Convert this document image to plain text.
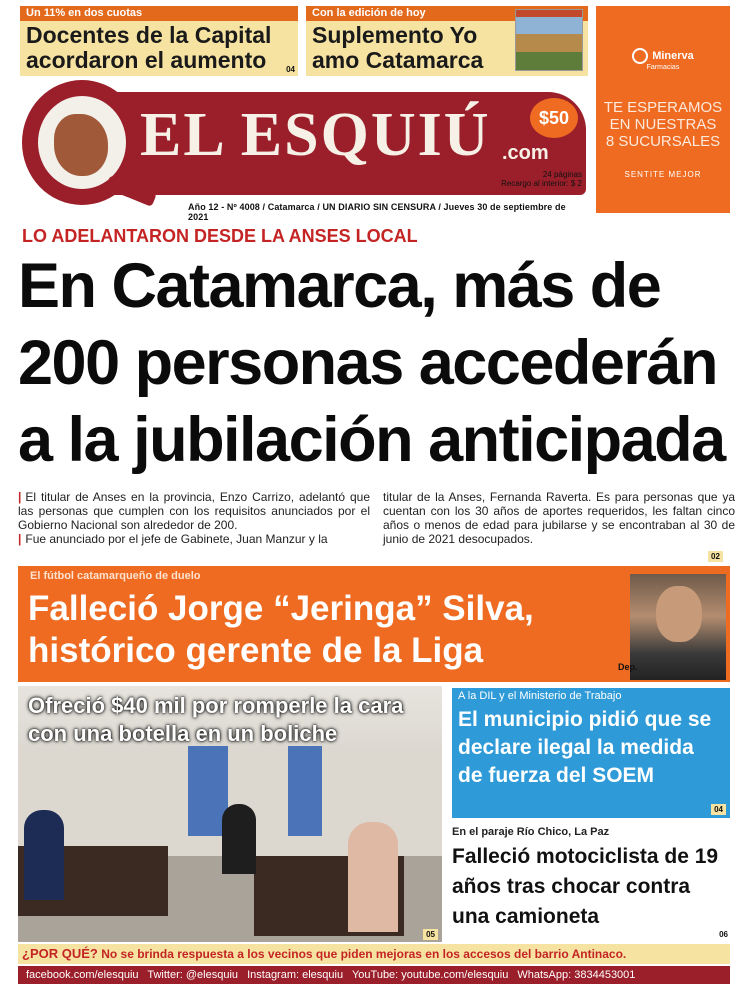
Un 11% en dos cuotas
Docentes de la Capital acordaron el aumento	04
Con la edición de hoy
Suplemento Yo amo Catamarca	Minerva
Farmacias
TE ESPERAMOS
EN NUESTRAS
8 SUCURSALES
SENTITE MEJOR
EL ESQUIÚ .com
$50
24 páginas
Recargo al interior: $ 2
Año 12 - Nº 4008 / Catamarca / UN DIARIO SIN CENSURA / Jueves 30 de septiembre de 2021
LO ADELANTARON DESDE LA ANSES LOCAL
En Catamarca, más de 200 personas accederán a la jubilación anticipada

| El titular de Anses en la provincia, Enzo Carrizo, adelantó que las personas que cumplen con los requisitos anunciados por el Gobierno Nacional son alrededor de 200.

| Fue anunciado por el jefe de Gabinete, Juan Manzur y la

titular de la Anses, Fernanda Raverta. Es para personas que ya cuentan con los 30 años de aportes requeridos, les faltan cinco años o menos de edad para jubilarse y se encontraban al 30 de junio de 2021 desocupados.

02
El fútbol catamarqueño de duelo
Falleció Jorge “Jeringa” Silva, histórico gerente de la Liga	Dep.
Ofreció $40 mil por romperle la cara con una botella en un boliche
05
A la DIL y el Ministerio de Trabajo
El municipio pidió que se declare ilegal la medida de fuerza del SOEM
04
En el paraje Río Chico, La Paz
Falleció motociclista de 19 años tras chocar contra una camioneta
06
¿POR QUÉ? No se brinda respuesta a los vecinos que piden mejoras en los accesos del barrio Antinaco.
facebook.com/elesquiu Twitter: @elesquiu Instagram: elesquiu YouTube: youtube.com/elesquiu WhatsApp: 3834453001
